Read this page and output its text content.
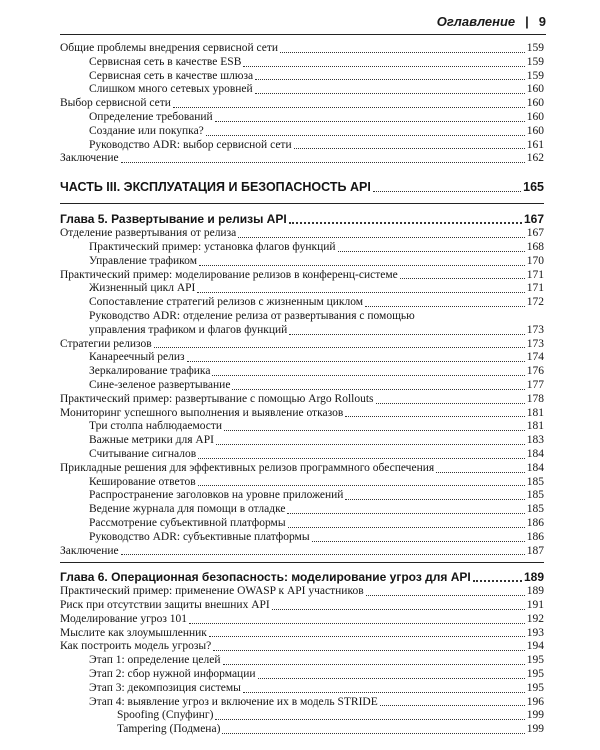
Оглавление | 9
Общие проблемы внедрения сервисной сети	159
Сервисная сеть в качестве ESB	159
Сервисная сеть в качестве шлюза	159
Слишком много сетевых уровней	160
Выбор сервисной сети	160
Определение требований	160
Создание или покупка?	160
Руководство ADR: выбор сервисной сети	161
Заключение	162
ЧАСТЬ III. ЭКСПЛУАТАЦИЯ И БЕЗОПАСНОСТЬ API	165
Глава 5. Развертывание и релизы API	167
Отделение развертывания от релиза	167
Практический пример: установка флагов функций	168
Управление трафиком	170
Практический пример: моделирование релизов в конференц-системе	171
Жизненный цикл API	171
Сопоставление стратегий релизов с жизненным циклом	172
Руководство ADR: отделение релиза от развертывания с помощью
управления трафиком и флагов функций	173
Стратегии релизов	173
Канареечный релиз	174
Зеркалирование трафика	176
Сине-зеленое развертывание	177
Практический пример: развертывание с помощью Argo Rollouts	178
Мониторинг успешного выполнения и выявление отказов	181
Три столпа наблюдаемости	181
Важные метрики для API	183
Считывание сигналов	184
Прикладные решения для эффективных релизов программного обеспечения	184
Кеширование ответов	185
Распространение заголовков на уровне приложений	185
Ведение журнала для помощи в отладке	185
Рассмотрение субъективной платформы	186
Руководство ADR: субъективные платформы	186
Заключение	187
Глава 6. Операционная безопасность: моделирование угроз для API	189
Практический пример: применение OWASP к API участников	189
Риск при отсутствии защиты внешних API	191
Моделирование угроз 101	192
Мыслите как злоумышленник	193
Как построить модель угрозы?	194
Этап 1: определение целей	195
Этап 2: сбор нужной информации	195
Этап 3: декомпозиция системы	195
Этап 4: выявление угроз и включение их в модель STRIDE	196
Spoofing (Спуфинг)	199
Tampering (Подмена)	199
